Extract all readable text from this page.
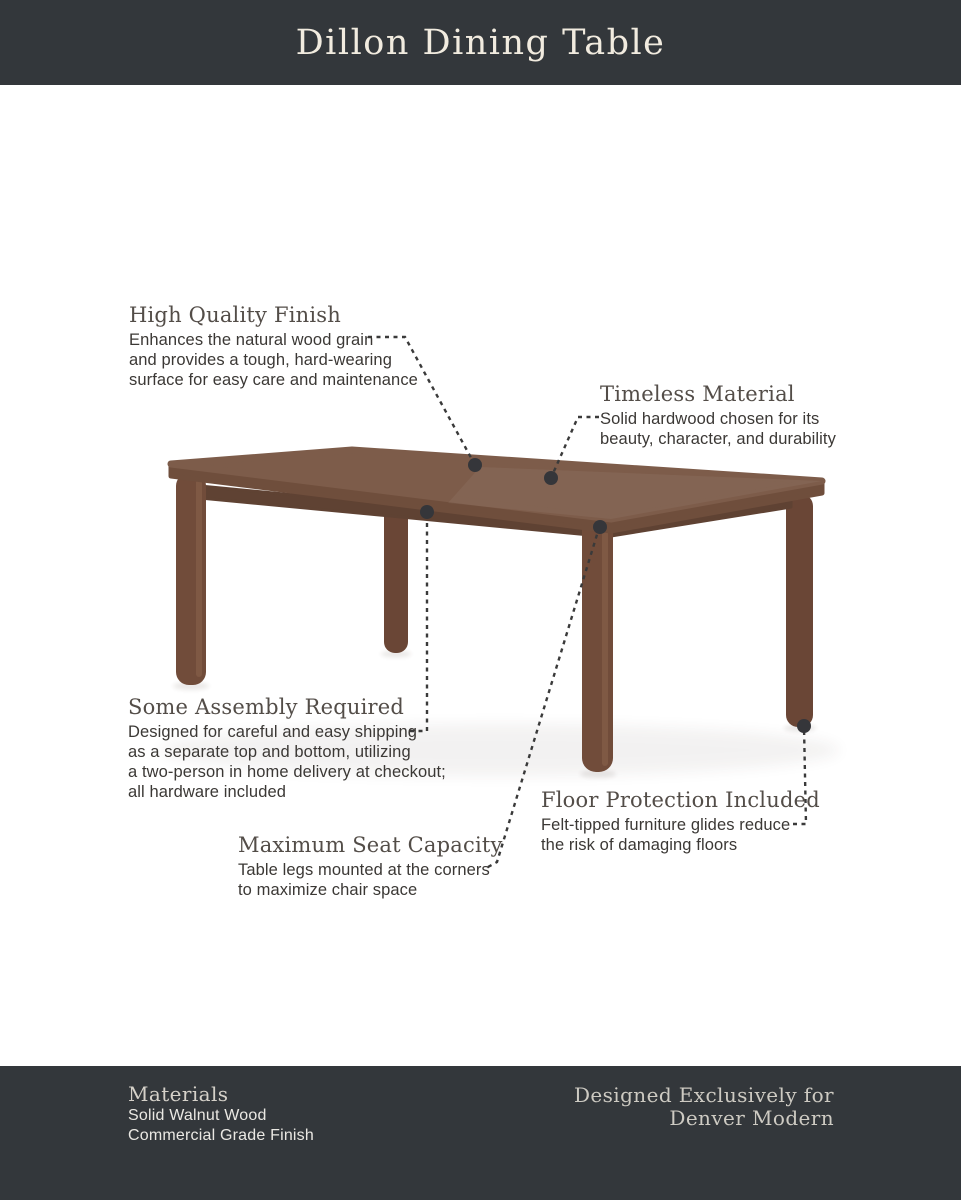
Dillon Dining Table
High Quality Finish
Enhances the natural wood grain
and provides a tough, hard-wearing
surface for easy care and maintenance
Timeless Material
Solid hardwood chosen for its
beauty, character, and durability
Some Assembly Required
Designed for careful and easy shipping
as a separate top and bottom, utilizing
a two-person in home delivery at checkout;
all hardware included
Maximum Seat Capacity
Table legs mounted at the corners
to maximize chair space
Floor Protection Included
Felt-tipped furniture glides reduce
the risk of damaging floors
Materials
Solid Walnut Wood
Commercial Grade Finish
Designed Exclusively for
Denver Modern
